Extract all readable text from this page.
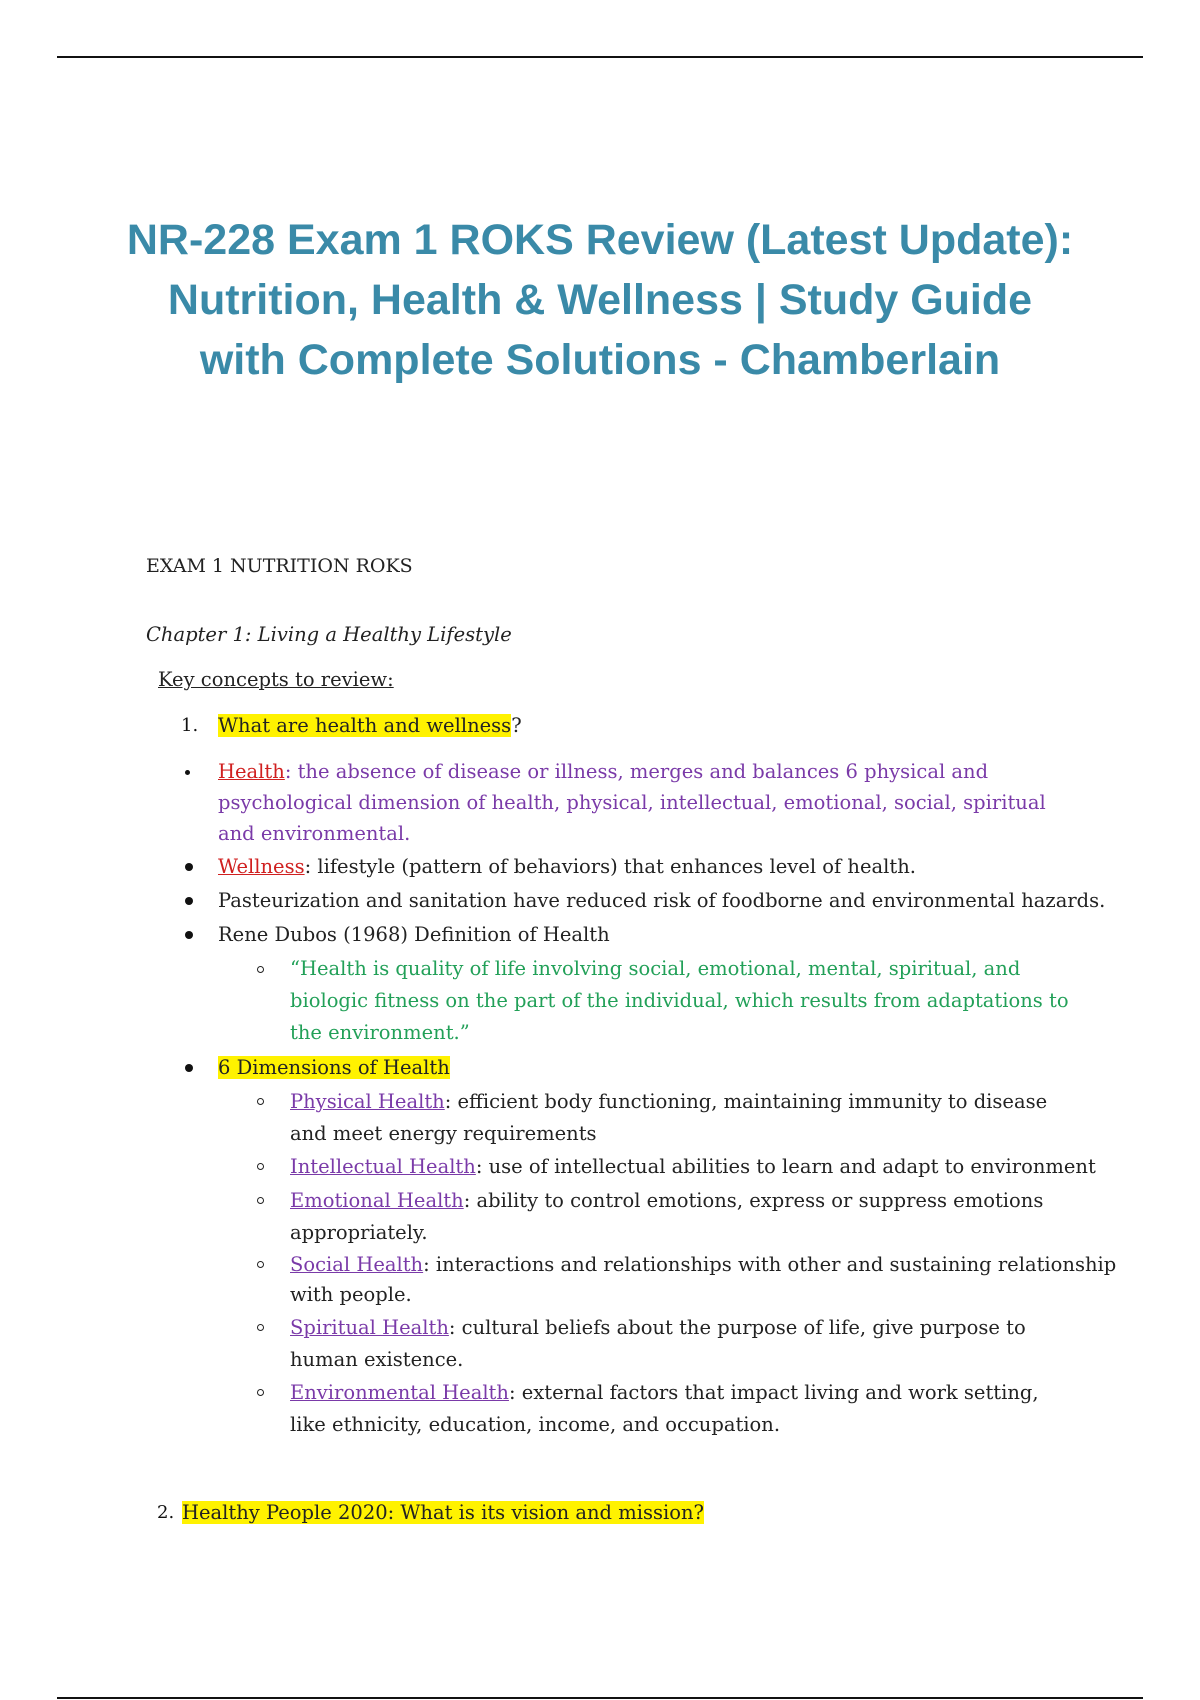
NR-228 Exam 1 ROKS Review (Latest Update):
Nutrition, Health & Wellness | Study Guide
with Complete Solutions - Chamberlain
EXAM 1 NUTRITION ROKS
Chapter 1: Living a Healthy Lifestyle
Key concepts to review:
1. What are health and wellness?
Health: the absence of disease or illness, merges and balances 6 physical and
psychological dimension of health, physical, intellectual, emotional, social, spiritual
and environmental.
Wellness: lifestyle (pattern of behaviors) that enhances level of health.
Pasteurization and sanitation have reduced risk of foodborne and environmental hazards.
Rene Dubos (1968) Definition of Health
“Health is quality of life involving social, emotional, mental, spiritual, and
biologic fitness on the part of the individual, which results from adaptations to
the environment.”
6 Dimensions of Health
Physical Health: efficient body functioning, maintaining immunity to disease
and meet energy requirements
Intellectual Health: use of intellectual abilities to learn and adapt to environment
Emotional Health: ability to control emotions, express or suppress emotions
appropriately.
Social Health: interactions and relationships with other and sustaining relationship
with people.
Spiritual Health: cultural beliefs about the purpose of life, give purpose to
human existence.
Environmental Health: external factors that impact living and work setting,
like ethnicity, education, income, and occupation.
2. Healthy People 2020: What is its vision and mission?
